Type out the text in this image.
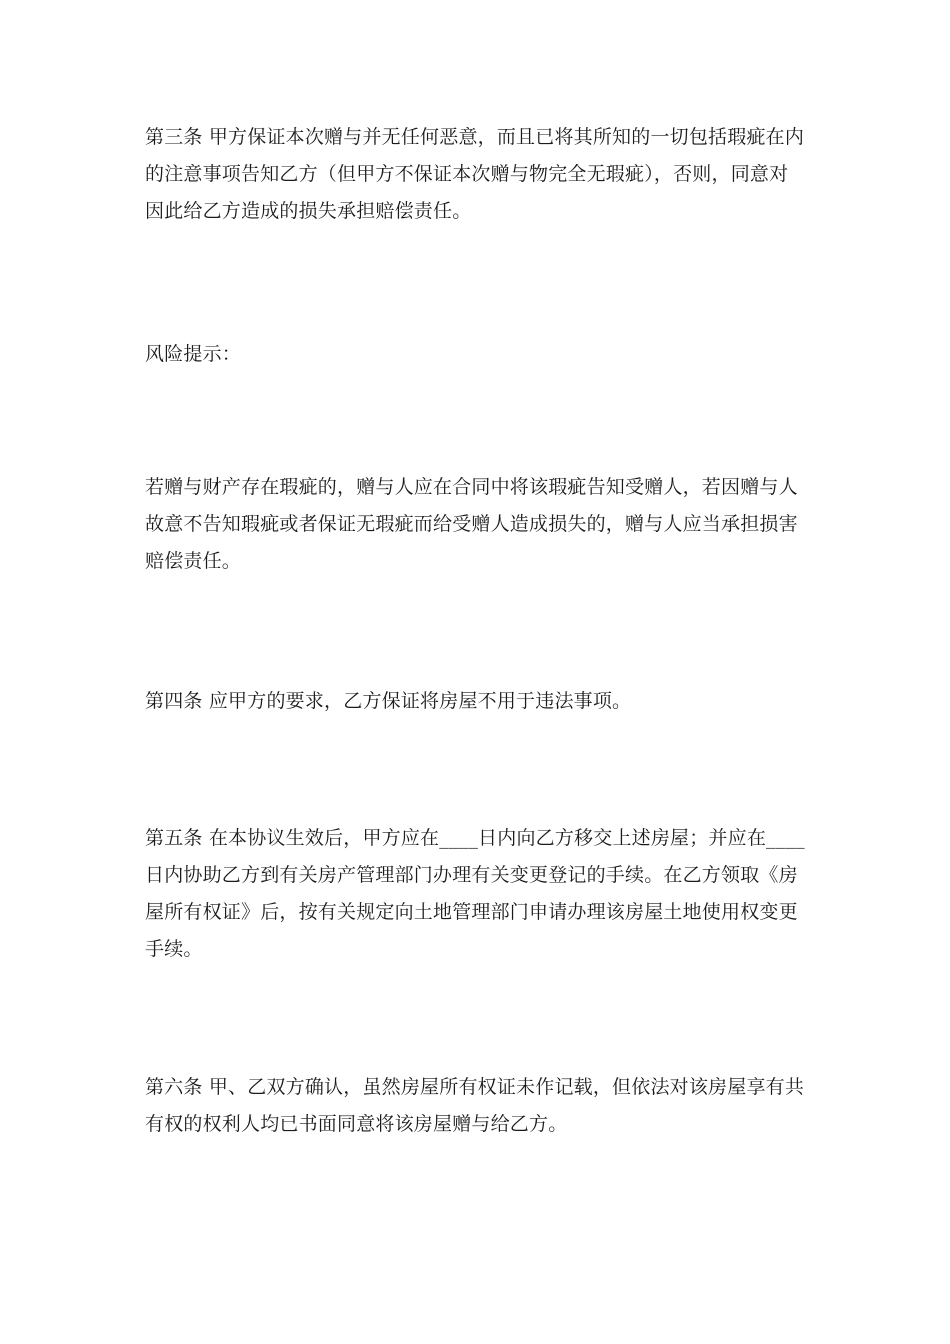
第三条 甲方保证本次赠与并无任何恶意，而且已将其所知的一切包括瑕疵在内
的注意事项告知乙方（但甲方不保证本次赠与物完全无瑕疵），否则，同意对
因此给乙方造成的损失承担赔偿责任。

风险提示：

若赠与财产存在瑕疵的，赠与人应在合同中将该瑕疵告知受赠人，若因赠与人
故意不告知瑕疵或者保证无瑕疵而给受赠人造成损失的，赠与人应当承担损害
赔偿责任。

第四条 应甲方的要求，乙方保证将房屋不用于违法事项。

第五条 在本协议生效后，甲方应在____日内向乙方移交上述房屋；并应在____
日内协助乙方到有关房产管理部门办理有关变更登记的手续。在乙方领取《房
屋所有权证》后，按有关规定向土地管理部门申请办理该房屋土地使用权变更
手续。

第六条 甲、乙双方确认，虽然房屋所有权证未作记载，但依法对该房屋享有共
有权的权利人均已书面同意将该房屋赠与给乙方。
